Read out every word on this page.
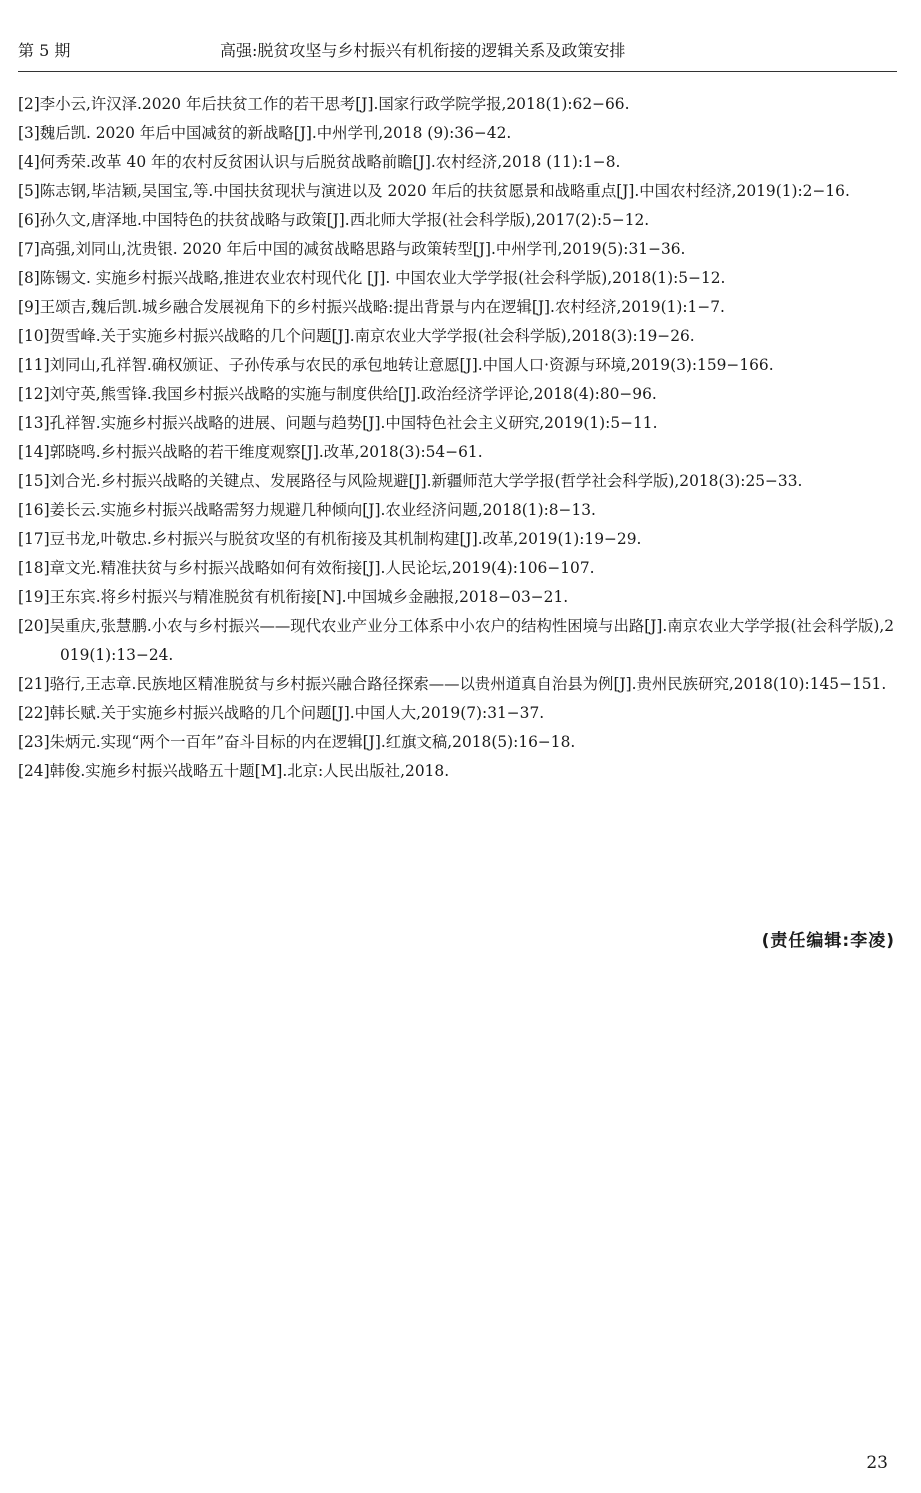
第 5 期	高强:脱贫攻坚与乡村振兴有机衔接的逻辑关系及政策安排
[2]李小云,许汉泽.2020 年后扶贫工作的若干思考[J].国家行政学院学报,2018(1):62−66.
[3]魏后凯. 2020 年后中国减贫的新战略[J].中州学刊,2018 (9):36−42.
[4]何秀荣.改革 40 年的农村反贫困认识与后脱贫战略前瞻[J].农村经济,2018 (11):1−8.
[5]陈志钢,毕洁颖,吴国宝,等.中国扶贫现状与演进以及 2020 年后的扶贫愿景和战略重点[J].中国农村经济,2019(1):2−16.
[6]孙久文,唐泽地.中国特色的扶贫战略与政策[J].西北师大学报(社会科学版),2017(2):5−12.
[7]高强,刘同山,沈贵银. 2020 年后中国的减贫战略思路与政策转型[J].中州学刊,2019(5):31−36.
[8]陈锡文. 实施乡村振兴战略,推进农业农村现代化 [J]. 中国农业大学学报(社会科学版),2018(1):5−12.
[9]王颂吉,魏后凯.城乡融合发展视角下的乡村振兴战略:提出背景与内在逻辑[J].农村经济,2019(1):1−7.
[10]贺雪峰.关于实施乡村振兴战略的几个问题[J].南京农业大学学报(社会科学版),2018(3):19−26.
[11]刘同山,孔祥智.确权颁证、子孙传承与农民的承包地转让意愿[J].中国人口·资源与环境,2019(3):159−166.
[12]刘守英,熊雪锋.我国乡村振兴战略的实施与制度供给[J].政治经济学评论,2018(4):80−96.
[13]孔祥智.实施乡村振兴战略的进展、问题与趋势[J].中国特色社会主义研究,2019(1):5−11.
[14]郭晓鸣.乡村振兴战略的若干维度观察[J].改革,2018(3):54−61.
[15]刘合光.乡村振兴战略的关键点、发展路径与风险规避[J].新疆师范大学学报(哲学社会科学版),2018(3):25−33.
[16]姜长云.实施乡村振兴战略需努力规避几种倾向[J].农业经济问题,2018(1):8−13.
[17]豆书龙,叶敬忠.乡村振兴与脱贫攻坚的有机衔接及其机制构建[J].改革,2019(1):19−29.
[18]章文光.精准扶贫与乡村振兴战略如何有效衔接[J].人民论坛,2019(4):106−107.
[19]王东宾.将乡村振兴与精准脱贫有机衔接[N].中国城乡金融报,2018−03−21.
[20]吴重庆,张慧鹏.小农与乡村振兴——现代农业产业分工体系中小农户的结构性困境与出路[J].南京农业大学学报(社会科学版),2019(1):13−24.
[21]骆行,王志章.民族地区精准脱贫与乡村振兴融合路径探索——以贵州道真自治县为例[J].贵州民族研究,2018(10):145−151.
[22]韩长赋.关于实施乡村振兴战略的几个问题[J].中国人大,2019(7):31−37.
[23]朱炳元.实现“两个一百年”奋斗目标的内在逻辑[J].红旗文稿,2018(5):16−18.
[24]韩俊.实施乡村振兴战略五十题[M].北京:人民出版社,2018.
(责任编辑:李凌)
23
